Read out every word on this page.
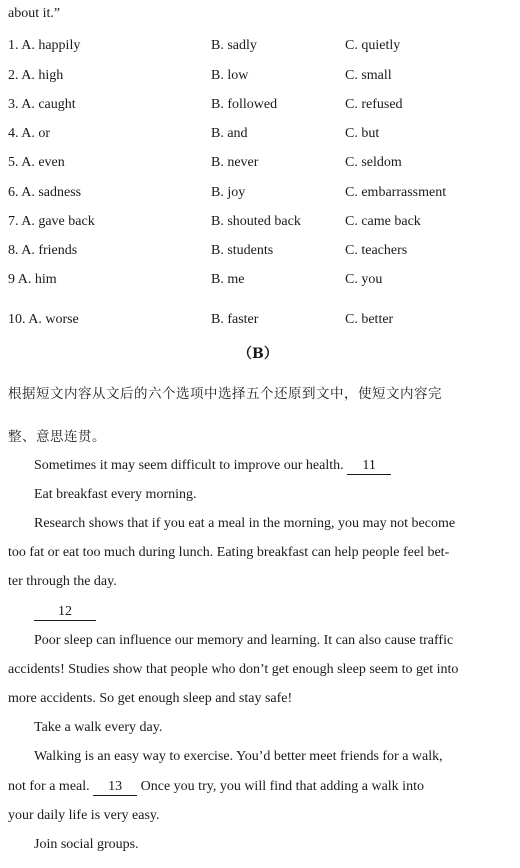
about it.”
1. A. happily	B. sadly	C. quietly
2. A. high	B. low	C. small
3. A. caught	B. followed	C. refused
4. A. or	B. and	C. but
5. A. even	B. never	C. seldom
6. A. sadness	B. joy	C. embarrassment
7. A. gave back	B. shouted back	C. came back
8. A. friends	B. students	C. teachers
9 A. him	B. me	C. you
10. A. worse	B. faster	C. better
（B）
根据短文内容从文后的六个选项中选择五个还原到文中，使短文内容完
整、意思连贯。
Sometimes it may seem difficult to improve our health. 11
Eat breakfast every morning.
Research shows that if you eat a meal in the morning, you may not become
too fat or eat too much during lunch. Eating breakfast can help people feel bet-
ter through the day.
12
Poor sleep can influence our memory and learning. It can also cause traffic
accidents! Studies show that people who don’t get enough sleep seem to get into
more accidents. So get enough sleep and stay safe!
Take a walk every day.
Walking is an easy way to exercise. You’d better meet friends for a walk,
not for a meal. 13 Once you try, you will find that adding a walk into
your daily life is very easy.
Join social groups.
